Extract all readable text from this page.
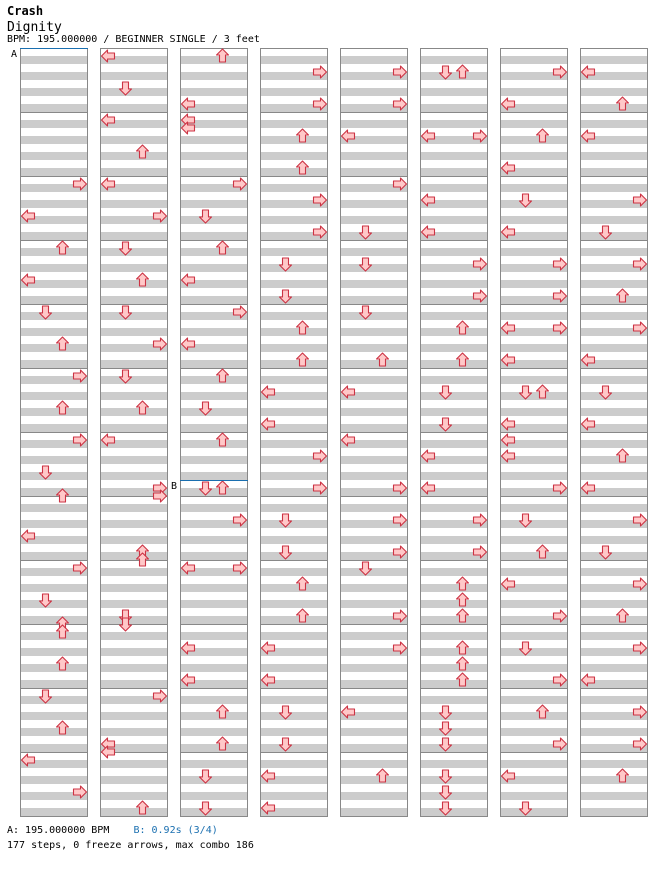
Crash
Dignity
BPM: 195.000000 / BEGINNER SINGLE / 3 feet
A
B
A: 195.000000 BPM B: 0.92s (3/4)
177 steps, 0 freeze arrows, max combo 186
